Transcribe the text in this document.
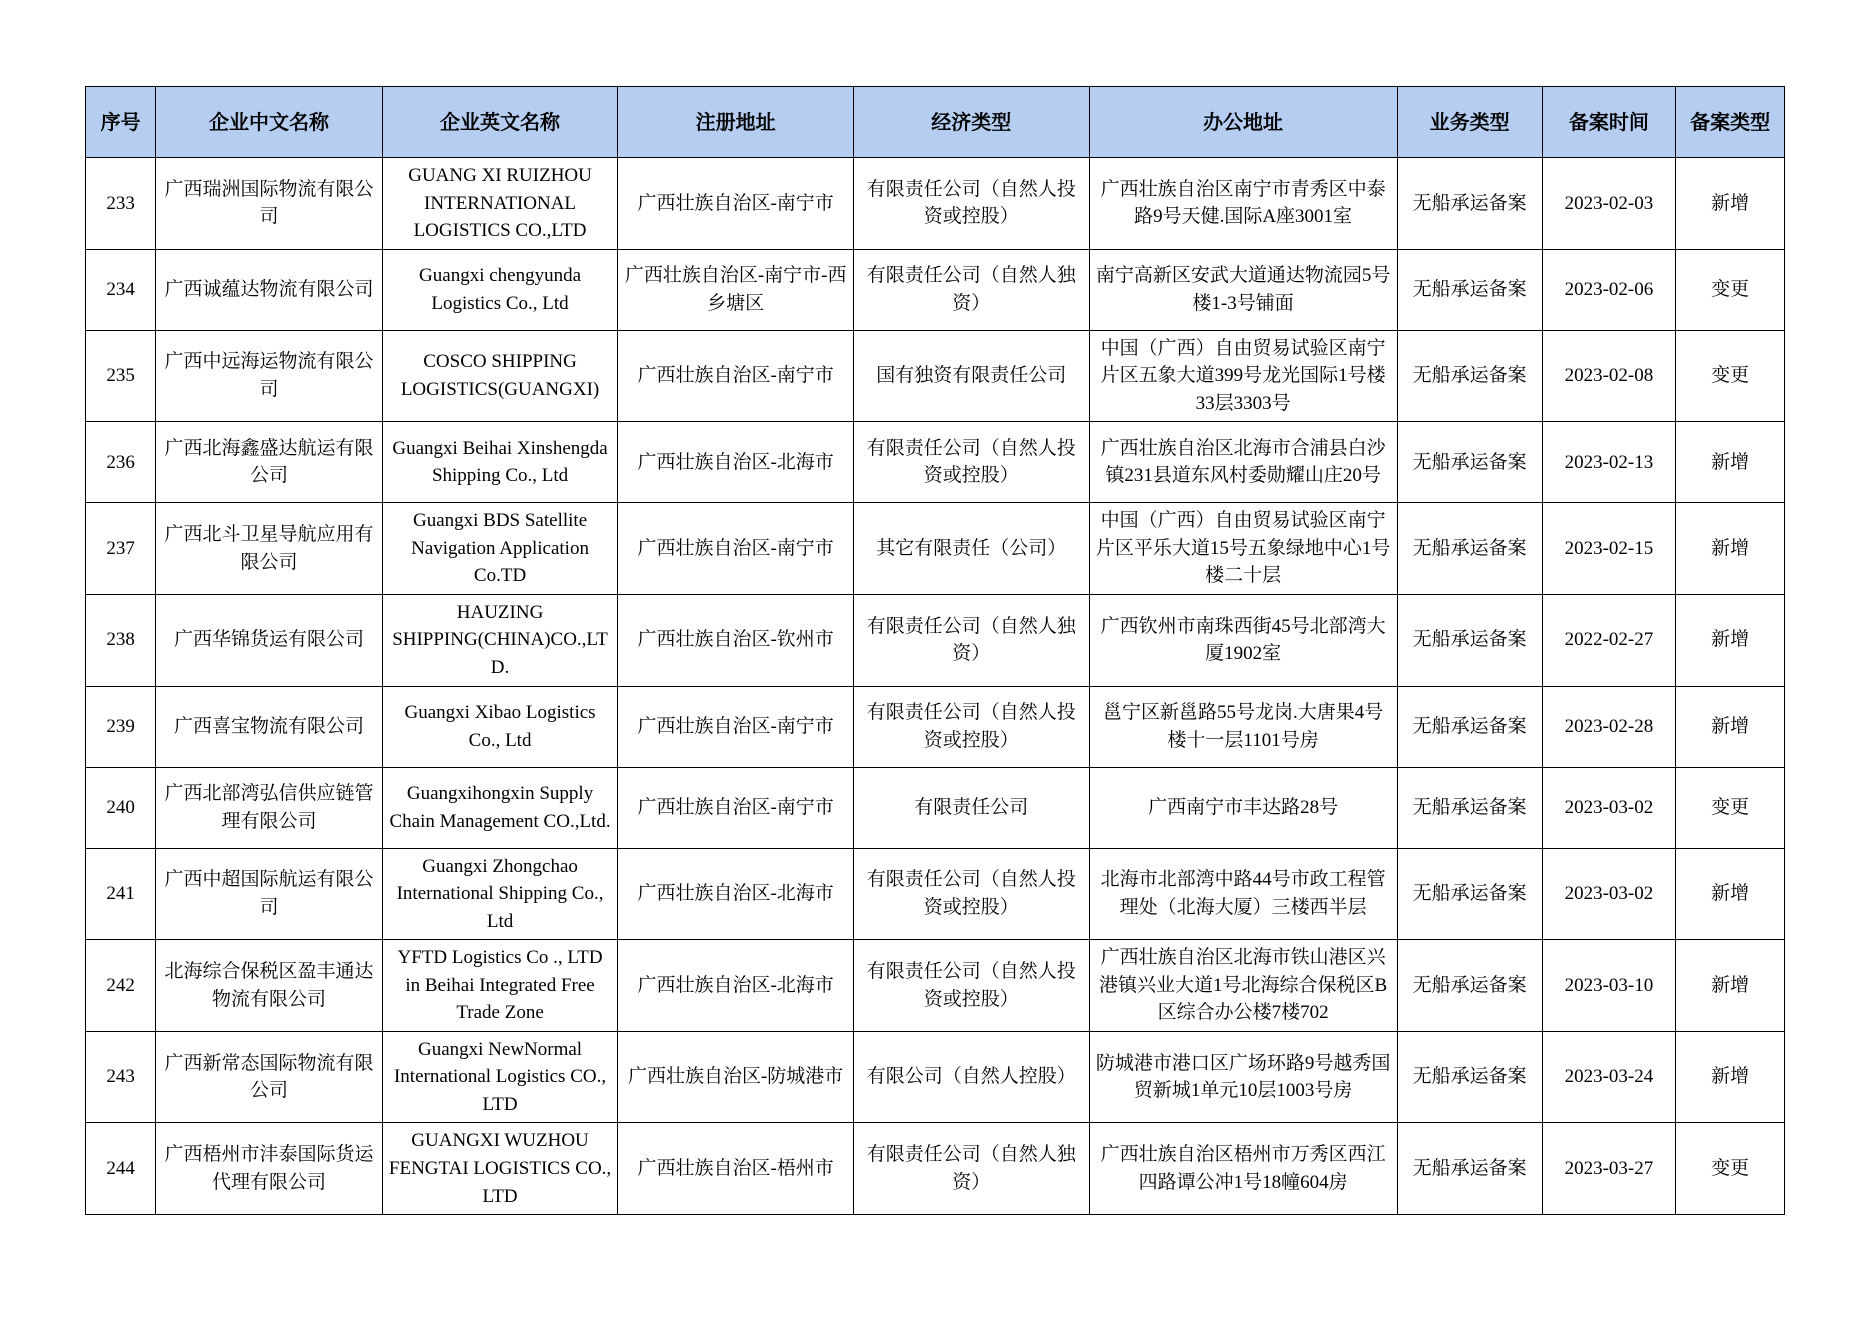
序号	企业中文名称	企业英文名称	注册地址	经济类型	办公地址	业务类型	备案时间	备案类型
233	广西瑞洲国际物流有限公司	GUANG XI RUIZHOU INTERNATIONAL LOGISTICS CO.,LTD	广西壮族自治区-南宁市	有限责任公司（自然人投资或控股）	广西壮族自治区南宁市青秀区中泰路9号天健.国际A座3001室	无船承运备案	2023-02-03	新增
234	广西诚蕴达物流有限公司	Guangxi chengyunda Logistics Co., Ltd	广西壮族自治区-南宁市-西乡塘区	有限责任公司（自然人独资）	南宁高新区安武大道通达物流园5号楼1-3号铺面	无船承运备案	2023-02-06	变更
235	广西中远海运物流有限公司	COSCO SHIPPING LOGISTICS(GUANGXI)	广西壮族自治区-南宁市	国有独资有限责任公司	中国（广西）自由贸易试验区南宁片区五象大道399号龙光国际1号楼33层3303号	无船承运备案	2023-02-08	变更
236	广西北海鑫盛达航运有限公司	Guangxi Beihai Xinshengda Shipping Co., Ltd	广西壮族自治区-北海市	有限责任公司（自然人投资或控股）	广西壮族自治区北海市合浦县白沙镇231县道东风村委勋耀山庄20号	无船承运备案	2023-02-13	新增
237	广西北斗卫星导航应用有限公司	Guangxi BDS Satellite Navigation Application Co.TD	广西壮族自治区-南宁市	其它有限责任（公司）	中国（广西）自由贸易试验区南宁片区平乐大道15号五象绿地中心1号楼二十层	无船承运备案	2023-02-15	新增
238	广西华锦货运有限公司	HAUZING SHIPPING(CHINA)CO.,LTD.	广西壮族自治区-钦州市	有限责任公司（自然人独资）	广西钦州市南珠西街45号北部湾大厦1902室	无船承运备案	2022-02-27	新增
239	广西喜宝物流有限公司	Guangxi Xibao Logistics Co., Ltd	广西壮族自治区-南宁市	有限责任公司（自然人投资或控股）	邕宁区新邕路55号龙岗.大唐果4号楼十一层1101号房	无船承运备案	2023-02-28	新增
240	广西北部湾弘信供应链管理有限公司	Guangxihongxin Supply Chain Management CO.,Ltd.	广西壮族自治区-南宁市	有限责任公司	广西南宁市丰达路28号	无船承运备案	2023-03-02	变更
241	广西中超国际航运有限公司	Guangxi Zhongchao International Shipping Co., Ltd	广西壮族自治区-北海市	有限责任公司（自然人投资或控股）	北海市北部湾中路44号市政工程管理处（北海大厦）三楼西半层	无船承运备案	2023-03-02	新增
242	北海综合保税区盈丰通达物流有限公司	YFTD Logistics Co ., LTD in Beihai Integrated Free Trade Zone	广西壮族自治区-北海市	有限责任公司（自然人投资或控股）	广西壮族自治区北海市铁山港区兴港镇兴业大道1号北海综合保税区B区综合办公楼7楼702	无船承运备案	2023-03-10	新增
243	广西新常态国际物流有限公司	Guangxi NewNormal International Logistics CO., LTD	广西壮族自治区-防城港市	有限公司（自然人控股）	防城港市港口区广场环路9号越秀国贸新城1单元10层1003号房	无船承运备案	2023-03-24	新增
244	广西梧州市沣泰国际货运代理有限公司	GUANGXI WUZHOU FENGTAI LOGISTICS CO., LTD	广西壮族自治区-梧州市	有限责任公司（自然人独资）	广西壮族自治区梧州市万秀区西江四路谭公冲1号18幢604房	无船承运备案	2023-03-27	变更
